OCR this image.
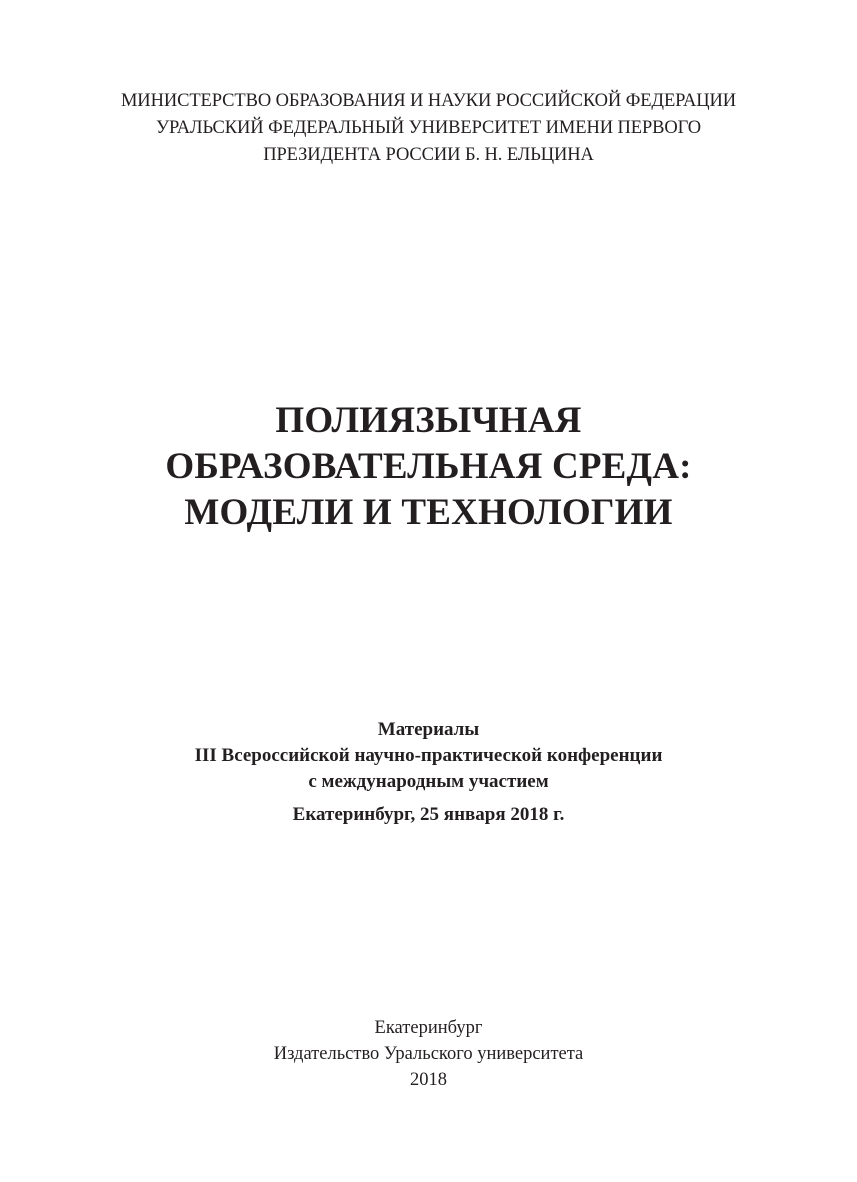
МИНИСТЕРСТВО ОБРАЗОВАНИЯ И НАУКИ РОССИЙСКОЙ ФЕДЕРАЦИИ
УРАЛЬСКИЙ ФЕДЕРАЛЬНЫЙ УНИВЕРСИТЕТ ИМЕНИ ПЕРВОГО
ПРЕЗИДЕНТА РОССИИ Б. Н. ЕЛЬЦИНА
ПОЛИЯЗЫЧНАЯ
ОБРАЗОВАТЕЛЬНАЯ СРЕДА:
МОДЕЛИ И ТЕХНОЛОГИИ
Материалы
III Всероссийской научно-практической конференции
с международным участием
Екатеринбург, 25 января 2018 г.
Екатеринбург
Издательство Уральского университета
2018
